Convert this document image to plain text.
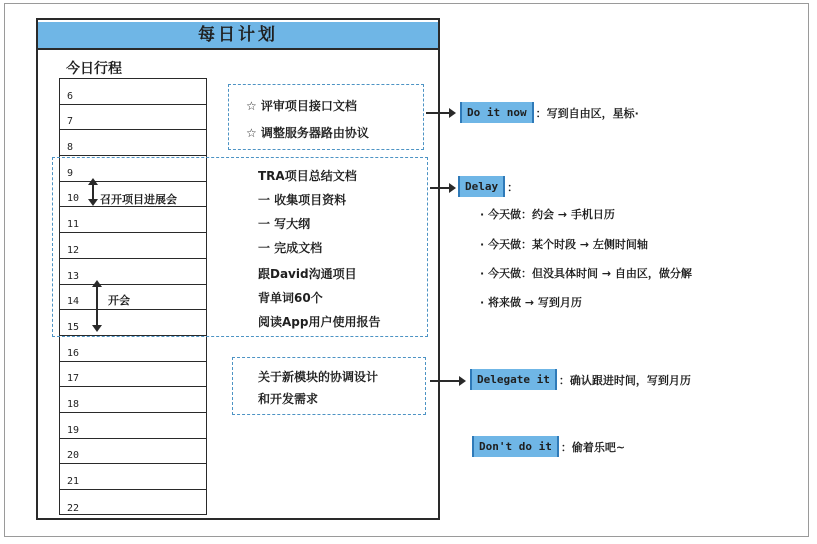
每日计划
今日行程
6
7
8
9
10
11
12
13
14
15
16
17
18
19
20
21
22
召开项目进展会
开会
☆ 评审项目接口文档
☆ 调整服务器路由协议
TRA项目总结文档
一 收集项目资料
一 写大纲
一 完成文档
跟David沟通项目
背单词60个
阅读App用户使用报告
关于新模块的协调设计
和开发需求
Do it now ：写到自由区，星标·
Delay ：
· 今天做：约会 → 手机日历
· 今天做：某个时段 → 左侧时间轴
· 今天做：但没具体时间 → 自由区，做分解
· 将来做 → 写到月历
Delegate it ：确认跟进时间，写到月历
Don't do it ：偷着乐吧~
